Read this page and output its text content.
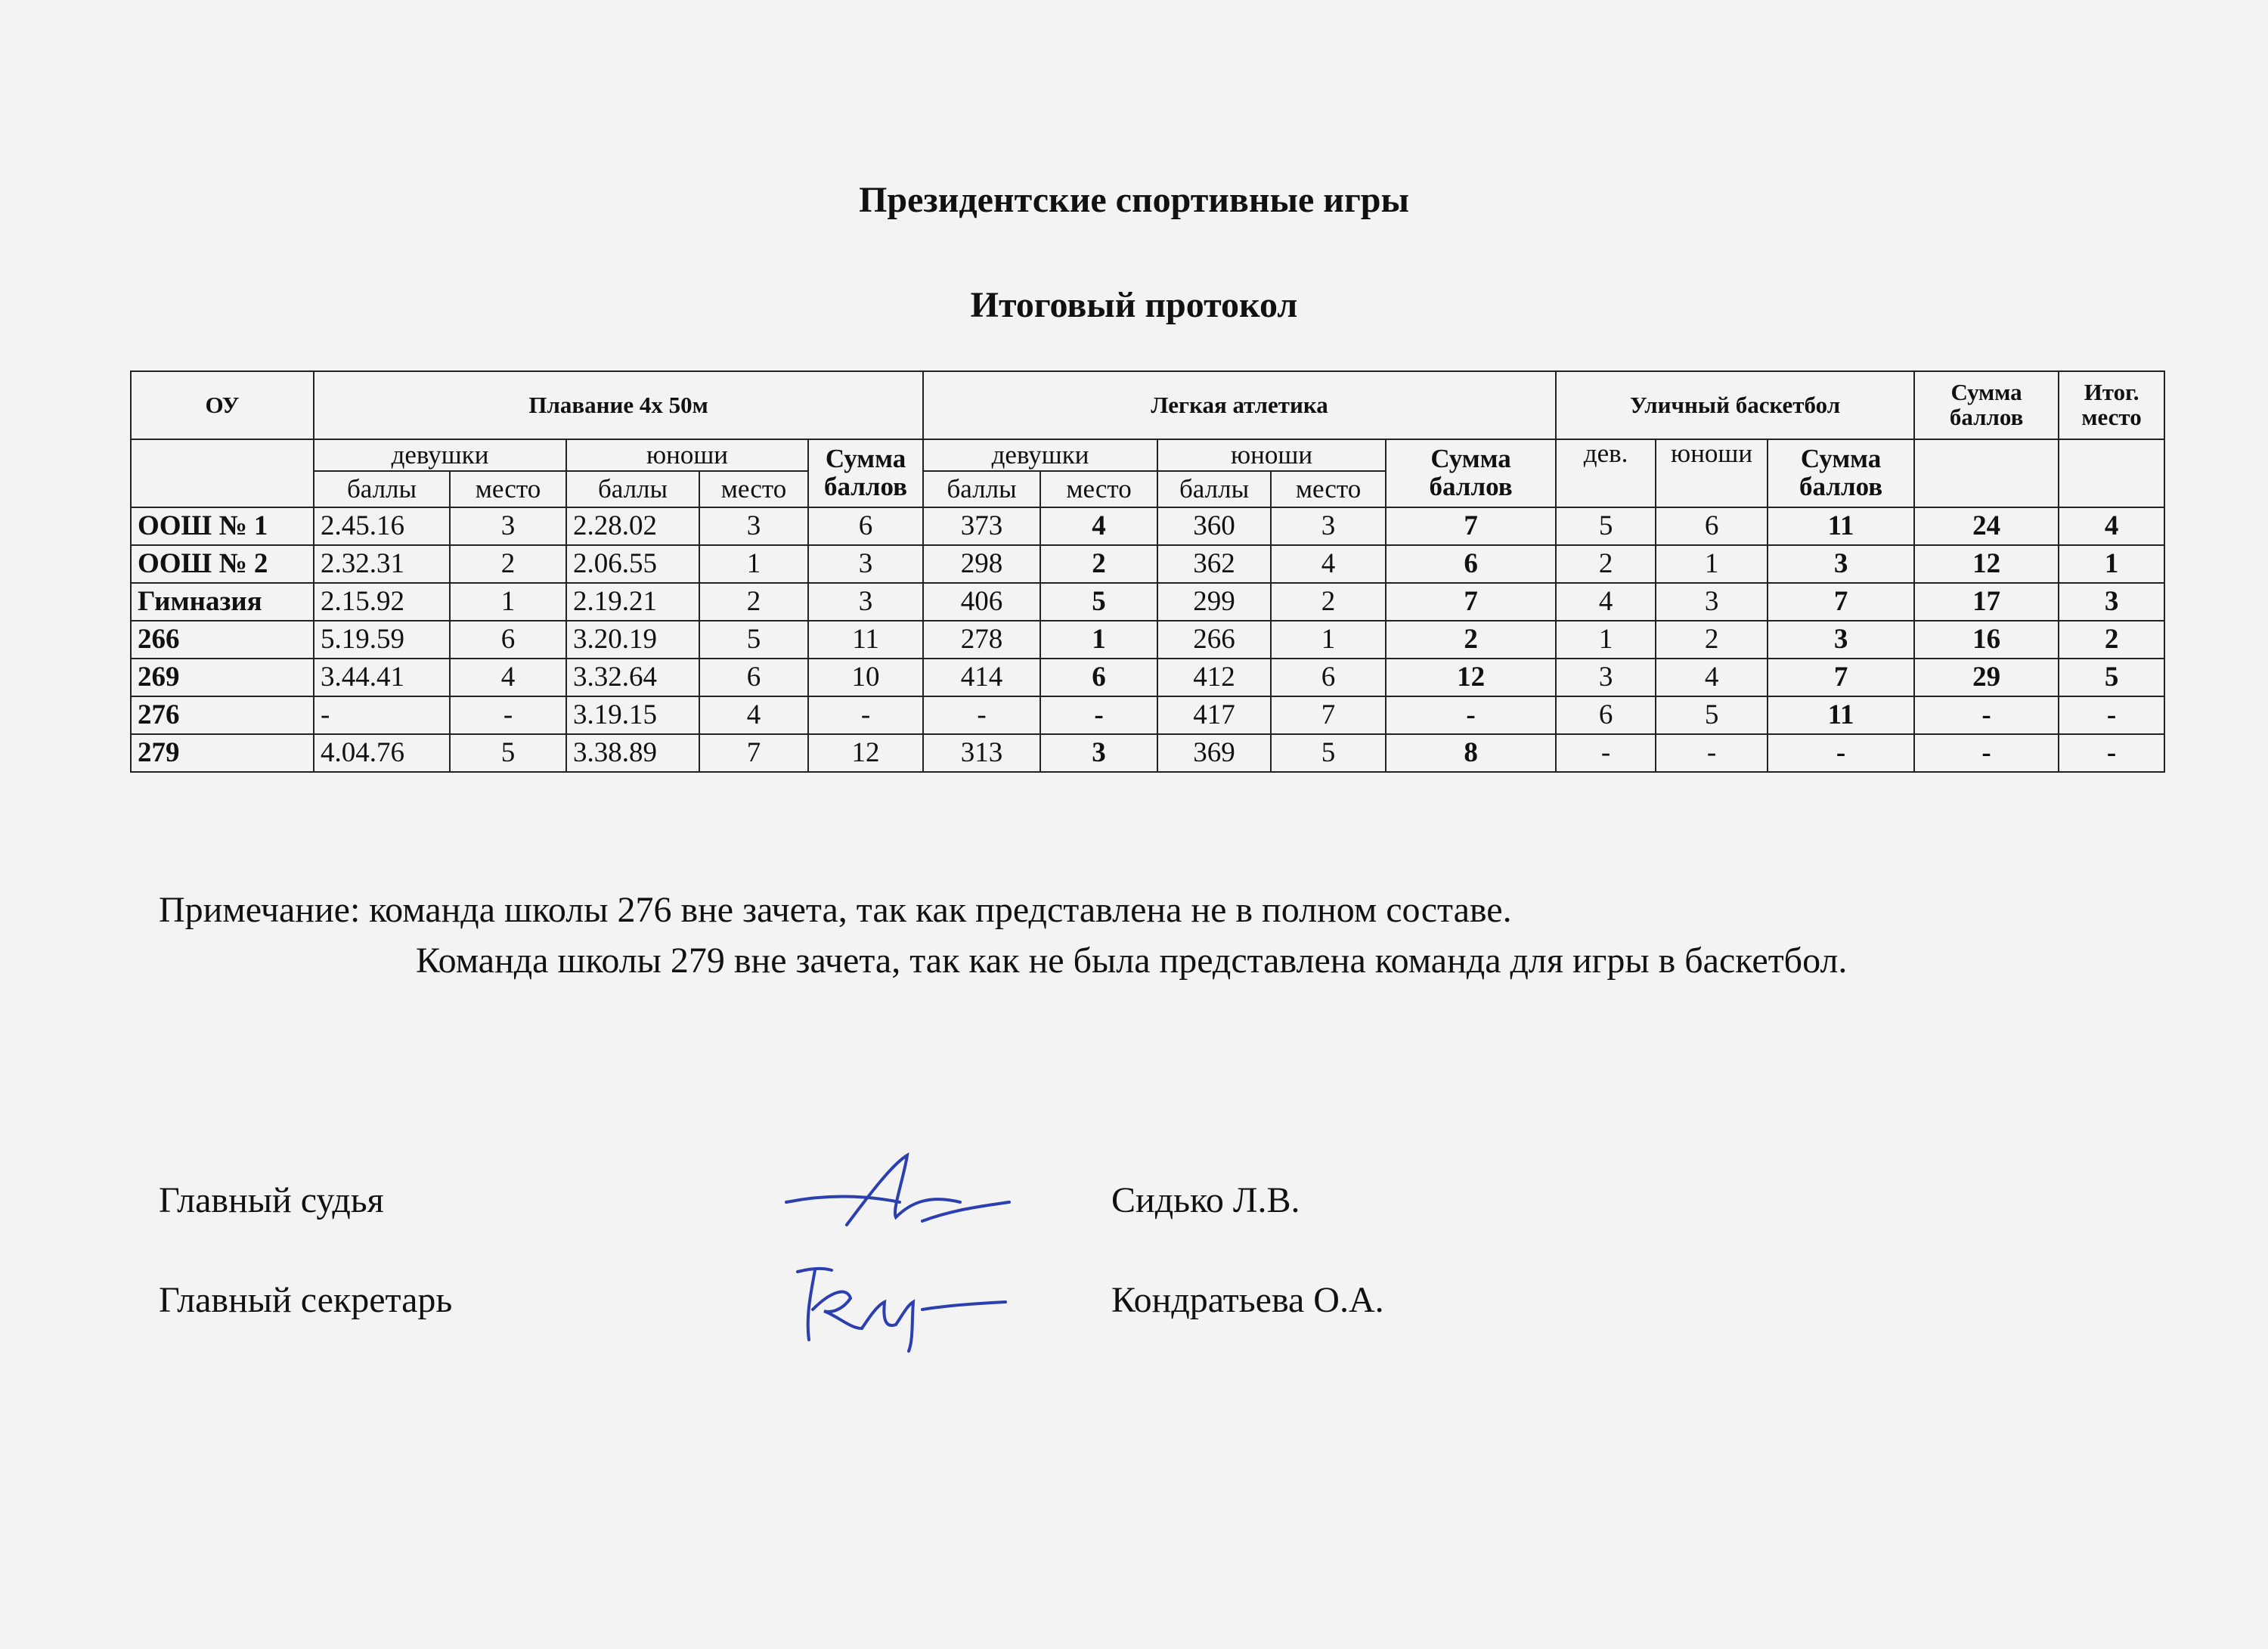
Президентские спортивные игры
Итоговый протокол
ОУ	Плавание 4х 50м					Легкая атлетика					Уличный баскетбол			Сумма баллов	Итог. место
	девушки		юноши		Сумма баллов	девушки		юноши		Сумма баллов	дев.	юноши	Сумма баллов		
	баллы	место	баллы	место		баллы	место	баллы	место						
ООШ № 1	2.45.16	3	2.28.02	3	6	373	4	360	3	7	5	6	11	24	4
ООШ № 2	2.32.31	2	2.06.55	1	3	298	2	362	4	6	2	1	3	12	1
Гимназия	2.15.92	1	2.19.21	2	3	406	5	299	2	7	4	3	7	17	3
266	5.19.59	6	3.20.19	5	11	278	1	266	1	2	1	2	3	16	2
269	3.44.41	4	3.32.64	6	10	414	6	412	6	12	3	4	7	29	5
276	-	-	3.19.15	4	-	-	-	417	7	-	6	5	11	-	-
279	4.04.76	5	3.38.89	7	12	313	3	369	5	8	-	-	-	-	-
Примечание: команда школы 276 вне зачета, так как представлена не в полном составе.
Команда школы 279 вне зачета, так как не была представлена команда для игры в баскетбол.
Главный судья	Сидько Л.В.
Главный секретарь	Кондратьева О.А.
